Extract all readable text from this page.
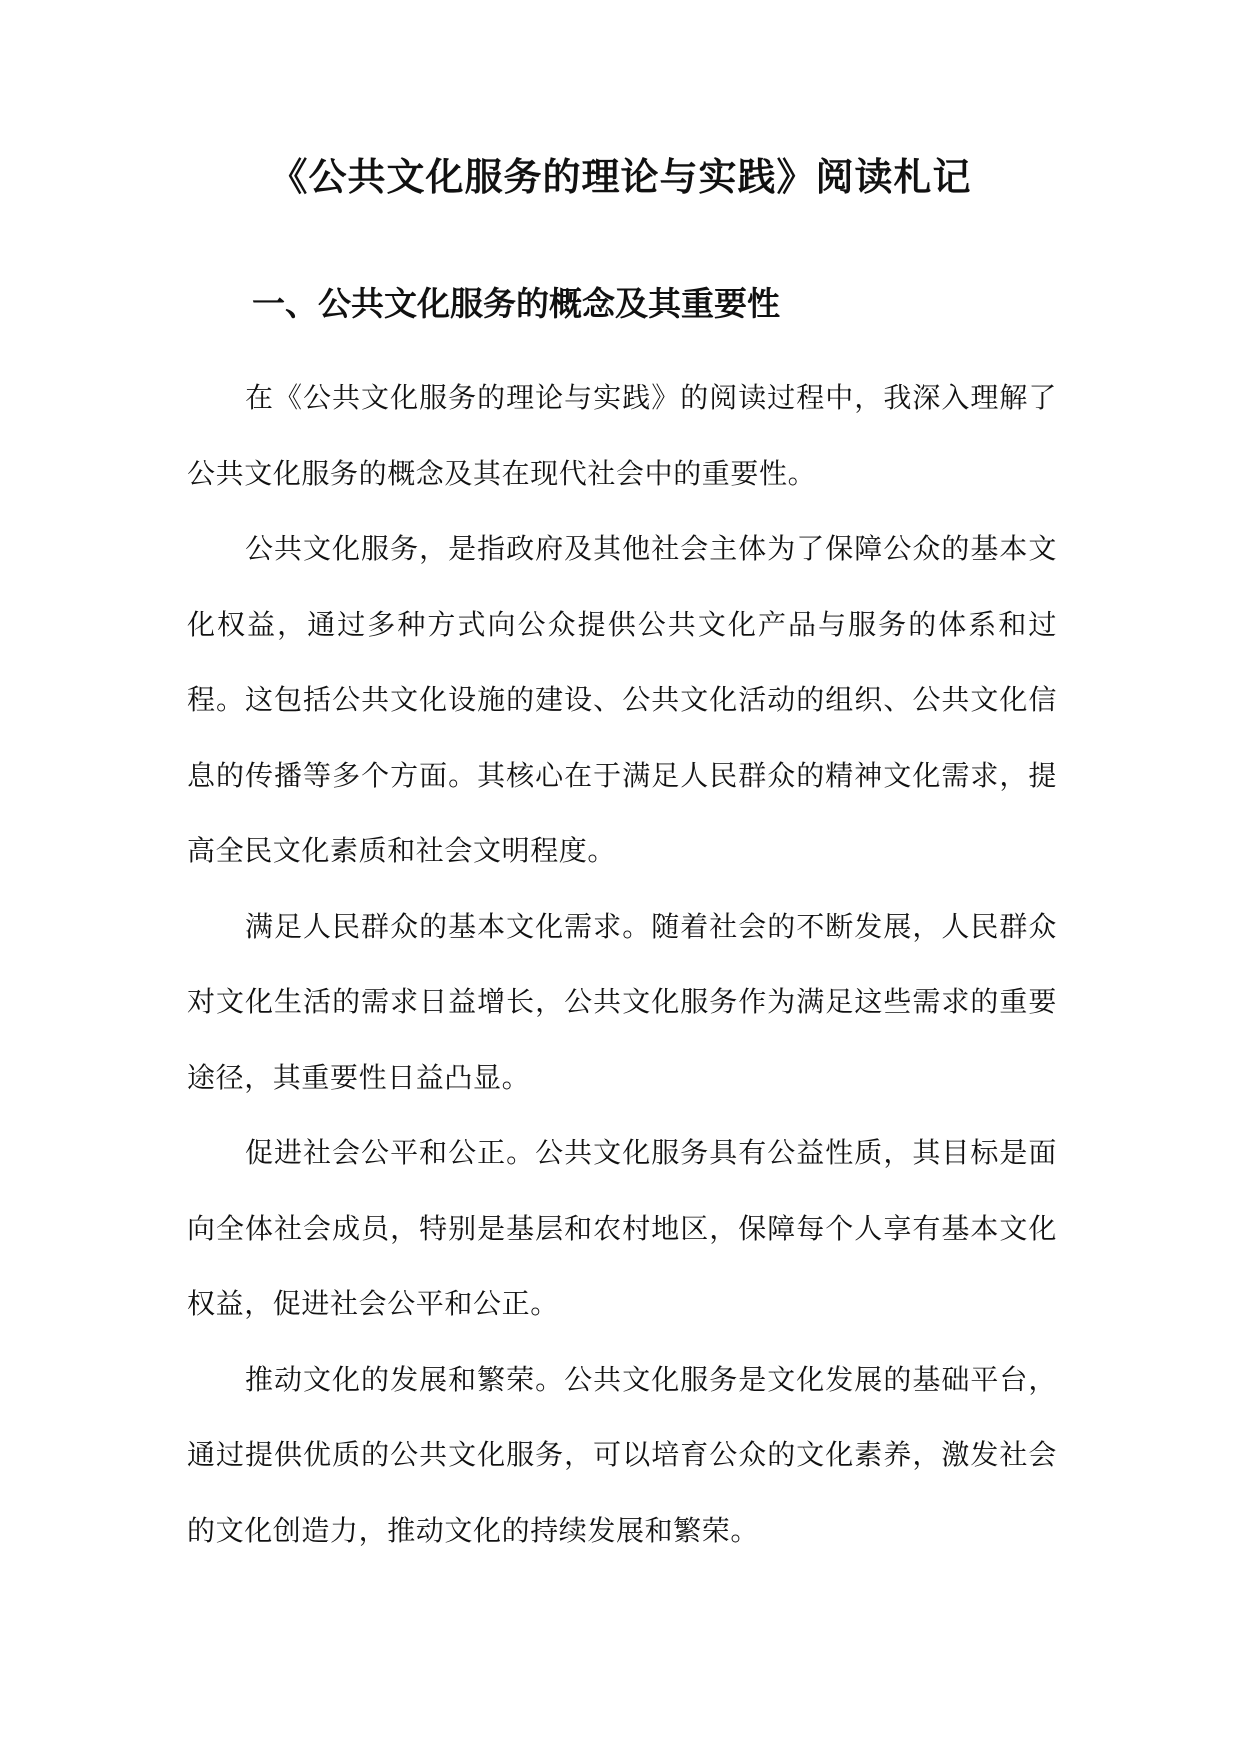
《公共文化服务的理论与实践》阅读札记
一、公共文化服务的概念及其重要性

在《公共文化服务的理论与实践》的阅读过程中，我深入理解了公共文化服务的概念及其在现代社会中的重要性。

公共文化服务，是指政府及其他社会主体为了保障公众的基本文化权益，通过多种方式向公众提供公共文化产品与服务的体系和过程。这包括公共文化设施的建设、公共文化活动的组织、公共文化信息的传播等多个方面。其核心在于满足人民群众的精神文化需求，提高全民文化素质和社会文明程度。

满足人民群众的基本文化需求。随着社会的不断发展，人民群众对文化生活的需求日益增长，公共文化服务作为满足这些需求的重要途径，其重要性日益凸显。

促进社会公平和公正。公共文化服务具有公益性质，其目标是面向全体社会成员，特别是基层和农村地区，保障每个人享有基本文化权益，促进社会公平和公正。

推动文化的发展和繁荣。公共文化服务是文化发展的基础平台，通过提供优质的公共文化服务，可以培育公众的文化素养，激发社会的文化创造力，推动文化的持续发展和繁荣。
